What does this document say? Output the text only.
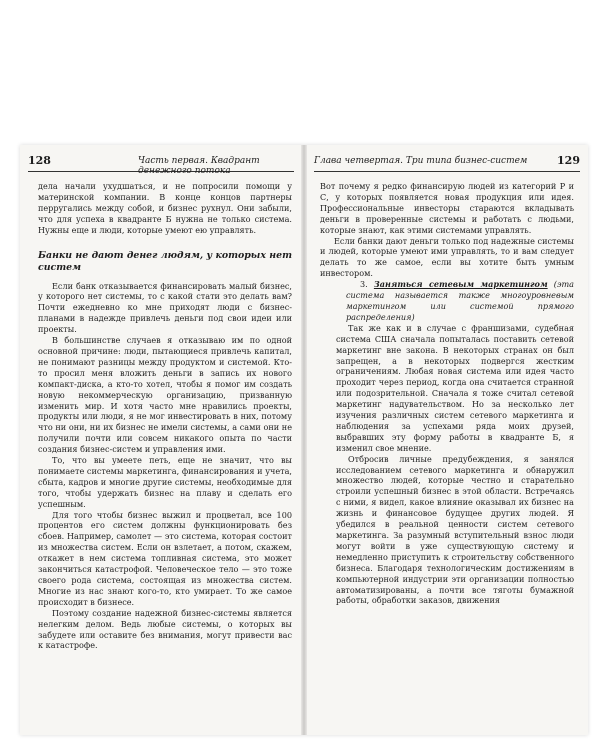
128	Часть первая. Квадрант денежного потока

дела начали ухудшаться, и не попросили помощи у материнской компании. В конце концов партнеры перругались между собой, и бизнес рухнул. Они забыли, что для успеха в квадранте Б нужна не только система. Нужны еще и люди, которые умеют ею управлять.

Банки не дают денег людям, у которых нет систем

Если банк отказывается финансировать малый бизнес, у которого нет системы, то с какой стати это делать вам? Почти ежедневно ко мне приходят люди с бизнес-планами в надежде привлечь деньги под свои идеи или проекты.

В большинстве случаев я отказываю им по одной основной причине: люди, пытающиеся привлечь капитал, не понимают разницы между продуктом и системой. Кто-то просил меня вложить деньги в запись их нового компакт-диска, а кто-то хотел, чтобы я помог им создать новую некоммерческую организацию, призванную изменить мир. И хотя часто мне нравились проекты, продукты или люди, я не мог инвестировать в них, потому что ни они, ни их бизнес не имели системы, а сами они не получили почти или совсем никакого опыта по части создания бизнес-систем и управления ими.

То, что вы умеете петь, еще не значит, что вы понимаете системы маркетинга, финансирования и учета, сбыта, кадров и многие другие системы, необходимые для того, чтобы удержать бизнес на плаву и сделать его успешным.

Для того чтобы бизнес выжил и процветал, все 100 процентов его систем должны функционировать без сбоев. Например, самолет — это система, которая состоит из множества систем. Если он взлетает, а потом, скажем, откажет в нем система топливная система, это может закончиться катастрофой. Человеческое тело — это тоже своего рода система, состоящая из множества систем. Многие из нас знают кого-то, кто умирает. То же самое происходит в бизнесе.

Поэтому создание надежной бизнес-системы является нелегким делом. Ведь любые системы, о которых вы забудете или оставите без внимания, могут привести вас к катастрофе.

Глава четвертая. Три типа бизнес-систем	129

Вот почему я редко финансирую людей из категорий Р и С, у которых появляется новая продукция или идея. Профессиональные инвесторы стараются вкладывать деньги в проверенные системы и работать с людьми, которые знают, как этими системами управлять.

Если банки дают деньги только под надежные системы и людей, которые умеют ими управлять, то и вам следует делать то же самое, если вы хотите быть умным инвестором.

3. Заняться сетевым маркетингом (эта система называется также многоуровневым маркетингом или системой прямого распределения)

Так же как и в случае с франшизами, судебная система США сначала попыталась поставить сетевой маркетинг вне закона. В некоторых странах он был запрещен, а в некоторых подвергся жестким ограничениям. Любая новая система или идея часто проходит через период, когда она считается странной или подозрительной. Сначала я тоже считал сетевой маркетинг надувательством. Но за несколько лет изучения различных систем сетевого маркетинга и наблюдения за успехами ряда моих друзей, выбравших эту форму работы в квадранте Б, я изменил свое мнение.

Отбросив личные предубеждения, я занялся исследованием сетевого маркетинга и обнаружил множество людей, которые честно и старательно строили успешный бизнес в этой области. Встречаясь с ними, я видел, какое влияние оказывал их бизнес на жизнь и финансовое будущее других людей. Я убедился в реальной ценности систем сетевого маркетинга. За разумный вступительный взнос люди могут войти в уже существующую систему и немедленно приступить к строительству собственного бизнеса. Благодаря технологическим достижениям в компьютерной индустрии эти организации полностью автоматизированы, а почти все тяготы бумажной работы, обработки заказов, движения
